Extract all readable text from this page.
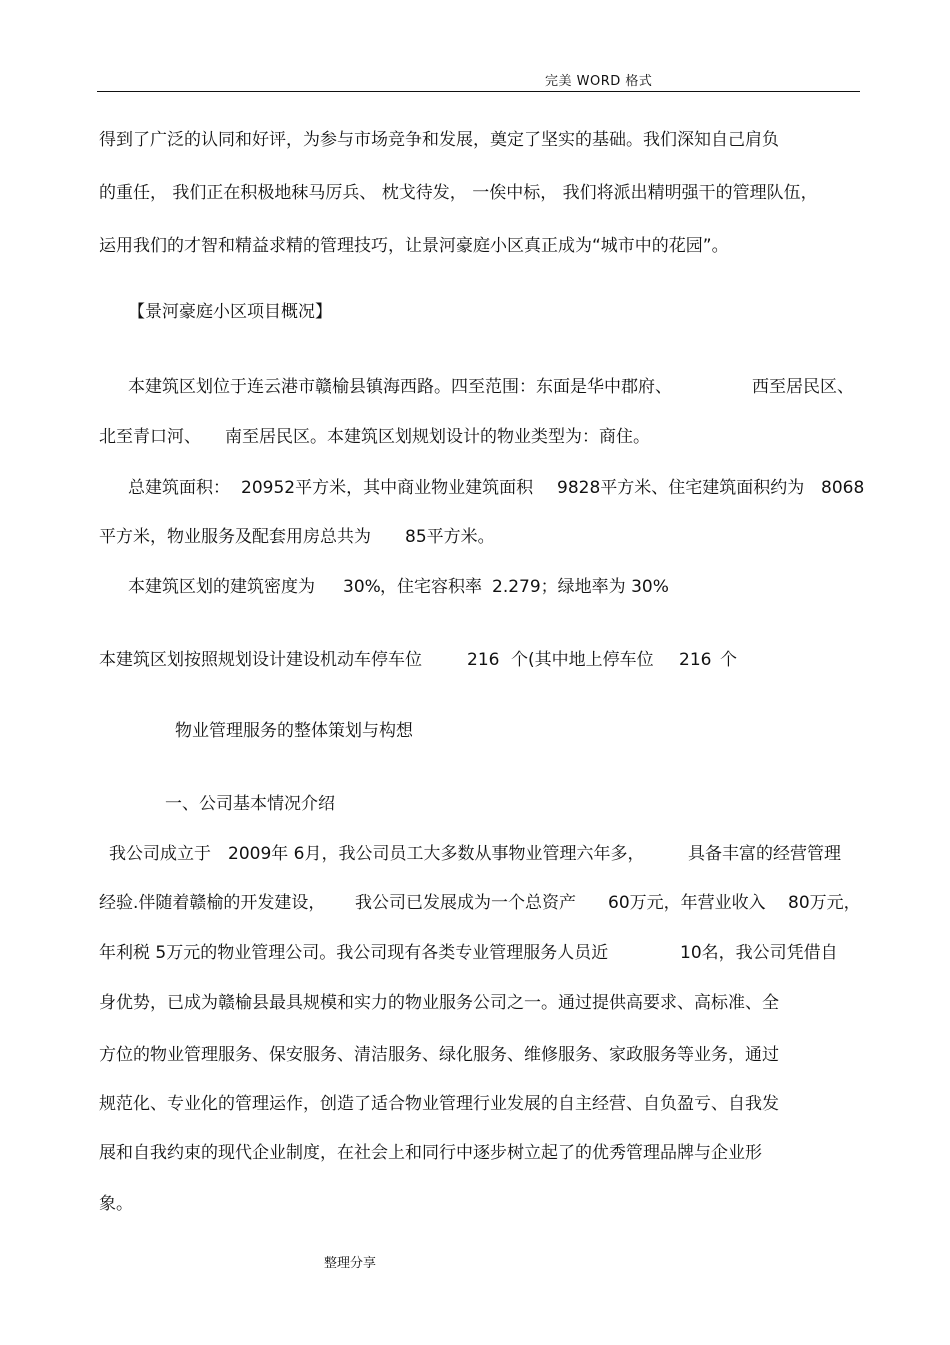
完美 WORD 格式
得到了广泛的认同和好评，为参与市场竞争和发展，奠定了坚实的基础。我们深知自己肩负
的重任， 我们正在积极地秣马厉兵、 枕戈待发， 一俟中标， 我们将派出精明强干的管理队伍，
运用我们的才智和精益求精的管理技巧，让景河豪庭小区真正成为“城市中的花园”。
【景河豪庭小区项目概况】
本建筑区划位于连云港市赣榆县镇海西路。四至范围：东面是华中郡府、	西至居民区、
北至青口河、 南至居民区。本建筑区划规划设计的物业类型为：商住。
总建筑面积： 20952平方米，其中商业物业建筑面积 9828平方米、住宅建筑面积约为 8068
平方米，物业服务及配套用房总共为 85平方米。
本建筑区划的建筑密度为 30% ，住宅容积率 2.279；绿地率为 30%
本建筑区划按照规划设计建设机动车停车位	216 个(其中地上停车位 216 个
物业管理服务的整体策划与构想
一、公司基本情况介绍
我公司成立于 2009年 6月，我公司员工大多数从事物业管理六年多，	具备丰富的经营管理
经验.伴随着赣榆的开发建设， 我公司已发展成为一个总资产 60万元，年营业收入 80万元，
年利税 5万元的物业管理公司。我公司现有各类专业管理服务人员近	10名，我公司凭借自
身优势，已成为赣榆县最具规模和实力的物业服务公司之一。通过提供高要求、高标准、全
方位的物业管理服务、保安服务、清洁服务、绿化服务、维修服务、家政服务等业务，通过
规范化、专业化的管理运作，创造了适合物业管理行业发展的自主经营、自负盈亏、自我发
展和自我约束的现代企业制度，在社会上和同行中逐步树立起了的优秀管理品牌与企业形
象。
整理分享
